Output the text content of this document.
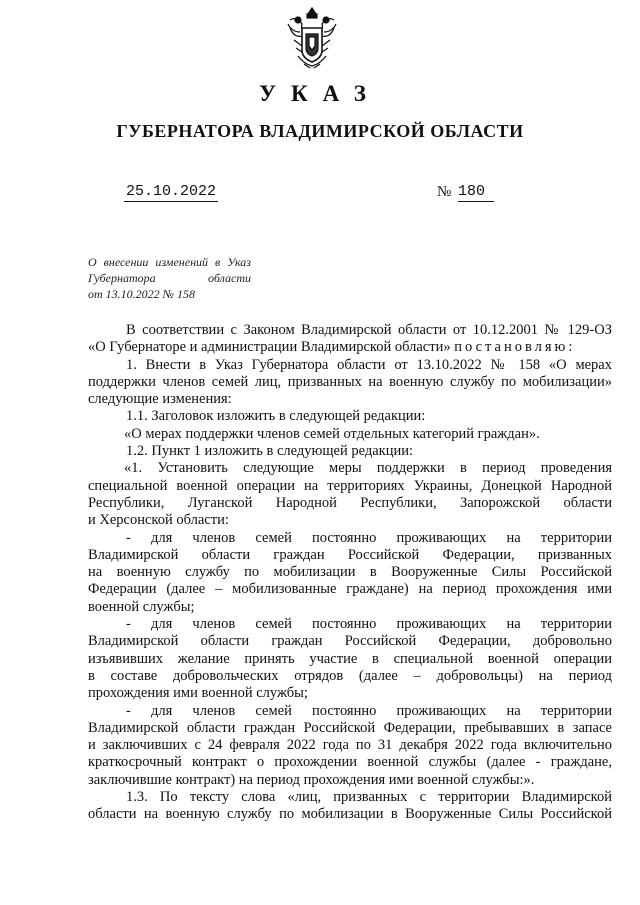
УКАЗ
ГУБЕРНАТОРА ВЛАДИМИРСКОЙ ОБЛАСТИ
25.10.2022	№ 180
О внесении изменений в Указ
Губернатора области
от 13.10.2022 № 158
В соответствии с Законом Владимирской области от 10.12.2001 № 129-ОЗ
«О Губернаторе и администрации Владимирской области» постановляю:
1. Внести в Указ Губернатора области от 13.10.2022 № 158 «О мерах
поддержки членов семей лиц, призванных на военную службу по мобилизации»
следующие изменения:
1.1. Заголовок изложить в следующей редакции:
«О мерах поддержки членов семей отдельных категорий граждан».
1.2. Пункт 1 изложить в следующей редакции:
«1. Установить следующие меры поддержки в период проведения
специальной военной операции на территориях Украины, Донецкой Народной
Республики, Луганской Народной Республики, Запорожской области
и Херсонской области:
- для членов семей постоянно проживающих на территории
Владимирской области граждан Российской Федерации, призванных
на военную службу по мобилизации в Вооруженные Силы Российской
Федерации (далее – мобилизованные граждане) на период прохождения ими
военной службы;
- для членов семей постоянно проживающих на территории
Владимирской области граждан Российской Федерации, добровольно
изъявивших желание принять участие в специальной военной операции
в составе добровольческих отрядов (далее – добровольцы) на период
прохождения ими военной службы;
- для членов семей постоянно проживающих на территории
Владимирской области граждан Российской Федерации, пребывавших в запасе
и заключивших с 24 февраля 2022 года по 31 декабря 2022 года включительно
краткосрочный контракт о прохождении военной службы (далее - граждане,
заключившие контракт) на период прохождения ими военной службы:».
1.3. По тексту слова «лиц, призванных с территории Владимирской
области на военную службу по мобилизации в Вооруженные Силы Российской
